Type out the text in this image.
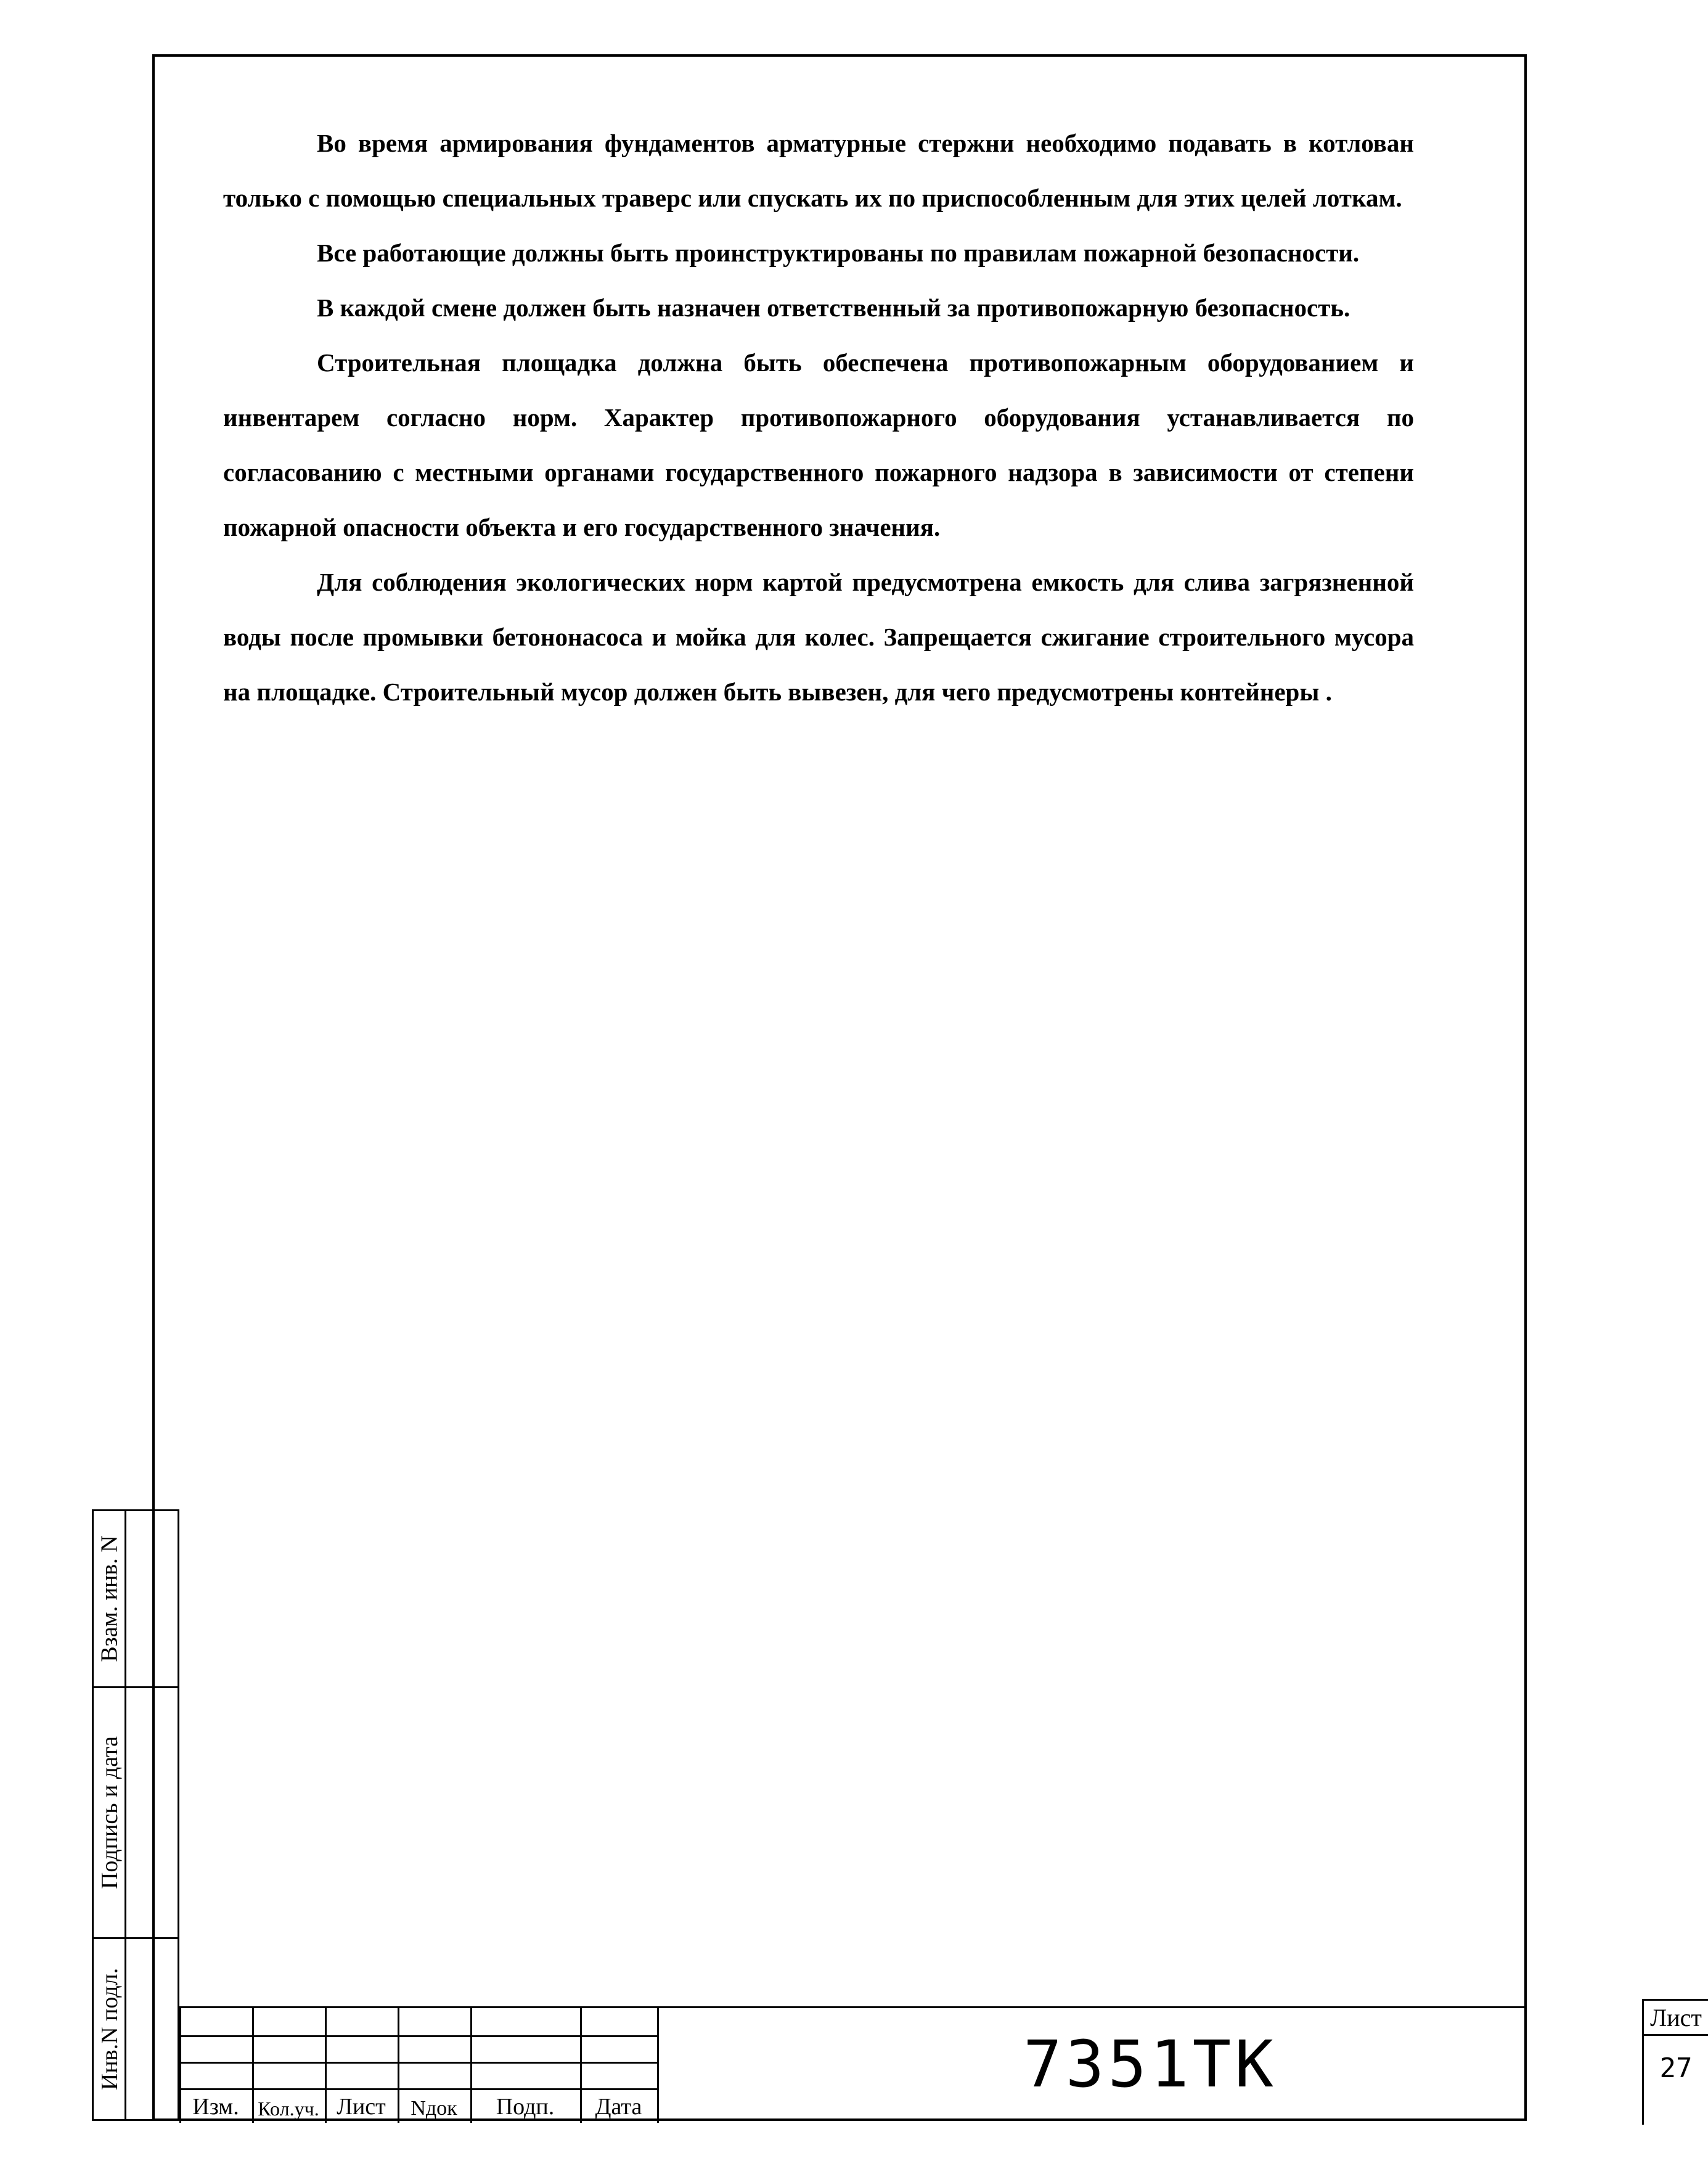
Во время армирования фундаментов арматурные стержни необходимо подавать в котлован только с помощью специальных траверс или спускать их по приспособленным для этих целей лоткам.

Все работающие должны быть проинструктированы по правилам пожарной безопасности.

В каждой смене должен быть назначен ответственный за противопожарную безопасность.

Строительная площадка должна быть обеспечена противопожарным оборудованием и инвентарем согласно норм. Характер противопожарного оборудования устанавливается по согласованию с местными органами государственного пожарного надзора в зависимости от степени пожарной опасности объекта и его государственного значения.

Для соблюдения экологических норм картой предусмотрена емкость для слива загрязненной воды после промывки бетононасоса и мойка для колес. Запрещается сжигание строительного мусора на площадке. Строительный мусор должен быть вывезен, для чего предусмотрены контейнеры .

Взам. инв. N
Подпись и дата
Инв.N подл.
Изм. Кол.уч. Лист	Nдок	Подп.	Дата
7351ТК
Лист
27
